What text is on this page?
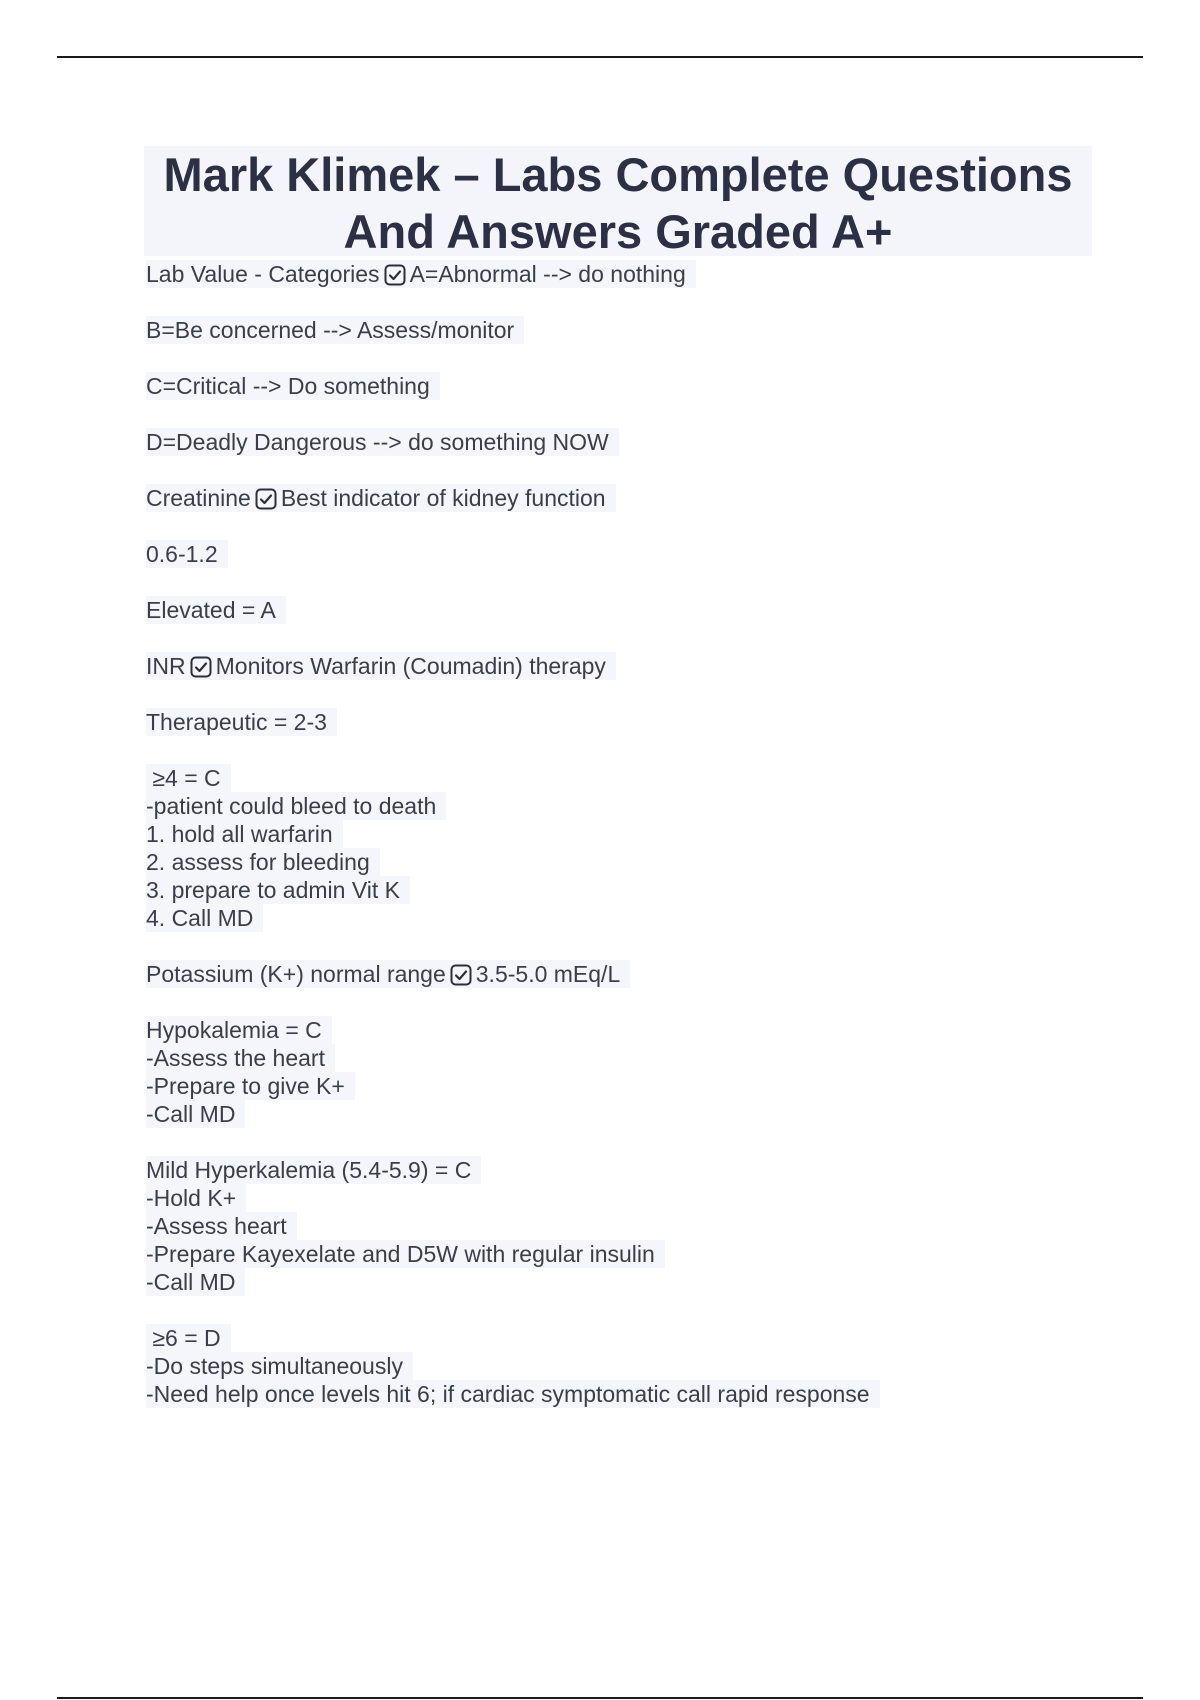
Mark Klimek – Labs Complete Questions
And Answers Graded A+
Lab Value - Categories A=Abnormal --> do nothing
B=Be concerned --> Assess/monitor
C=Critical --> Do something
D=Deadly Dangerous --> do something NOW
Creatinine Best indicator of kidney function
0.6-1.2
Elevated = A
INR Monitors Warfarin (Coumadin) therapy
Therapeutic = 2-3
≥4 = C
-patient could bleed to death
1. hold all warfarin
2. assess for bleeding
3. prepare to admin Vit K
4. Call MD
Potassium (K+) normal range 3.5-5.0 mEq/L
Hypokalemia = C
-Assess the heart
-Prepare to give K+
-Call MD
Mild Hyperkalemia (5.4-5.9) = C
-Hold K+
-Assess heart
-Prepare Kayexelate and D5W with regular insulin
-Call MD
≥6 = D
-Do steps simultaneously
-Need help once levels hit 6; if cardiac symptomatic call rapid response
